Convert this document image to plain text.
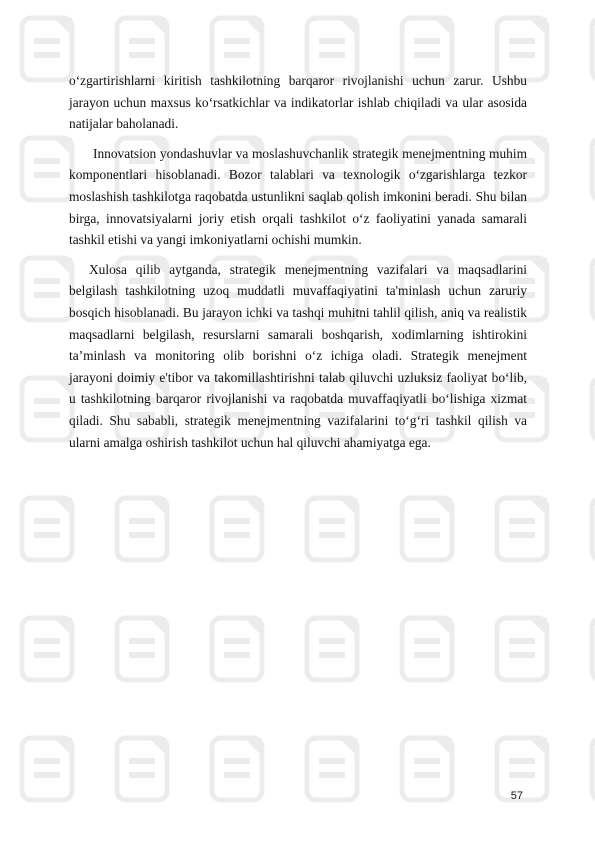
o‘zgartirishlarni kiritish tashkilotning barqaror rivojlanishi uchun zarur. Ushbu jarayon uchun maxsus ko‘rsatkichlar va indikatorlar ishlab chiqiladi va ular asosida natijalar baholanadi.

Innovatsion yondashuvlar va moslashuvchanlik strategik menejmentning muhim komponentlari hisoblanadi. Bozor talablari va texnologik o‘zgarishlarga tezkor moslashish tashkilotga raqobatda ustunlikni saqlab qolish imkonini beradi. Shu bilan birga, innovatsiyalarni joriy etish orqali tashkilot o‘z faoliyatini yanada samarali tashkil etishi va yangi imkoniyatlarni ochishi mumkin.

Xulosa qilib aytganda, strategik menejmentning vazifalari va maqsadlarini belgilash tashkilotning uzoq muddatli muvaffaqiyatini ta'minlash uchun zaruriy bosqich hisoblanadi. Bu jarayon ichki va tashqi muhitni tahlil qilish, aniq va realistik maqsadlarni belgilash, resurslarni samarali boshqarish, xodimlarning ishtirokini ta’minlash va monitoring olib borishni o‘z ichiga oladi. Strategik menejment jarayoni doimiy e'tibor va takomillashtirishni talab qiluvchi uzluksiz faoliyat bo‘lib, u tashkilotning barqaror rivojlanishi va raqobatda muvaffaqiyatli bo‘lishiga xizmat qiladi. Shu sababli, strategik menejmentning vazifalarini to‘g‘ri tashkil qilish va ularni amalga oshirish tashkilot uchun hal qiluvchi ahamiyatga ega.

57
